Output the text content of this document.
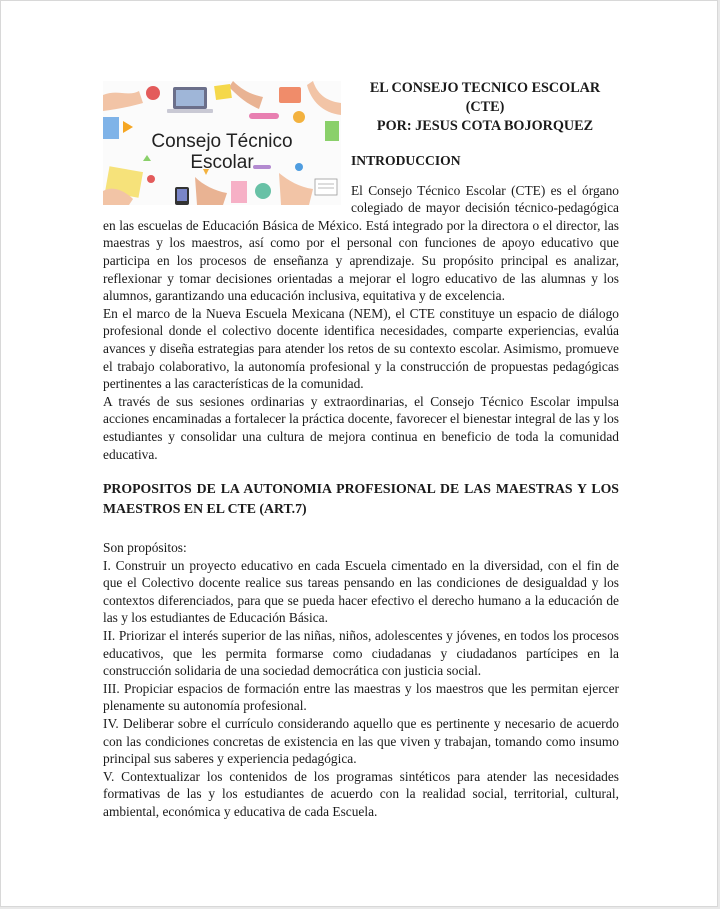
Consejo Técnico
Escolar
EL CONSEJO TECNICO ESCOLAR
(CTE)
POR: JESUS COTA BOJORQUEZ
INTRODUCCION

El Consejo Técnico Escolar (CTE) es el órgano colegiado de mayor decisión técnico-pedagógica en las escuelas de Educación Básica de México. Está integrado por la directora o el director, las maestras y los maestros, así como por el personal con funciones de apoyo educativo que participa en los procesos de enseñanza y aprendizaje. Su propósito principal es analizar, reflexionar y tomar decisiones orientadas a mejorar el logro educativo de las alumnas y los alumnos, garantizando una educación inclusiva, equitativa y de excelencia.

En el marco de la Nueva Escuela Mexicana (NEM), el CTE constituye un espacio de diálogo profesional donde el colectivo docente identifica necesidades, comparte experiencias, evalúa avances y diseña estrategias para atender los retos de su contexto escolar. Asimismo, promueve el trabajo colaborativo, la autonomía profesional y la construcción de propuestas pedagógicas pertinentes a las características de la comunidad.

A través de sus sesiones ordinarias y extraordinarias, el Consejo Técnico Escolar impulsa acciones encaminadas a fortalecer la práctica docente, favorecer el bienestar integral de las y los estudiantes y consolidar una cultura de mejora continua en beneficio de toda la comunidad educativa.

PROPOSITOS DE LA AUTONOMIA PROFESIONAL DE LAS MAESTRAS Y LOS MAESTROS EN EL CTE (ART.7)

Son propósitos:

I. Construir un proyecto educativo en cada Escuela cimentado en la diversidad, con el fin de que el Colectivo docente realice sus tareas pensando en las condiciones de desigualdad y los contextos diferenciados, para que se pueda hacer efectivo el derecho humano a la educación de las y los estudiantes de Educación Básica.

II. Priorizar el interés superior de las niñas, niños, adolescentes y jóvenes, en todos los procesos educativos, que les permita formarse como ciudadanas y ciudadanos partícipes en la construcción solidaria de una sociedad democrática con justicia social.

III. Propiciar espacios de formación entre las maestras y los maestros que les permitan ejercer plenamente su autonomía profesional.

IV. Deliberar sobre el currículo considerando aquello que es pertinente y necesario de acuerdo con las condiciones concretas de existencia en las que viven y trabajan, tomando como insumo principal sus saberes y experiencia pedagógica.

V. Contextualizar los contenidos de los programas sintéticos para atender las necesidades formativas de las y los estudiantes de acuerdo con la realidad social, territorial, cultural, ambiental, económica y educativa de cada Escuela.
